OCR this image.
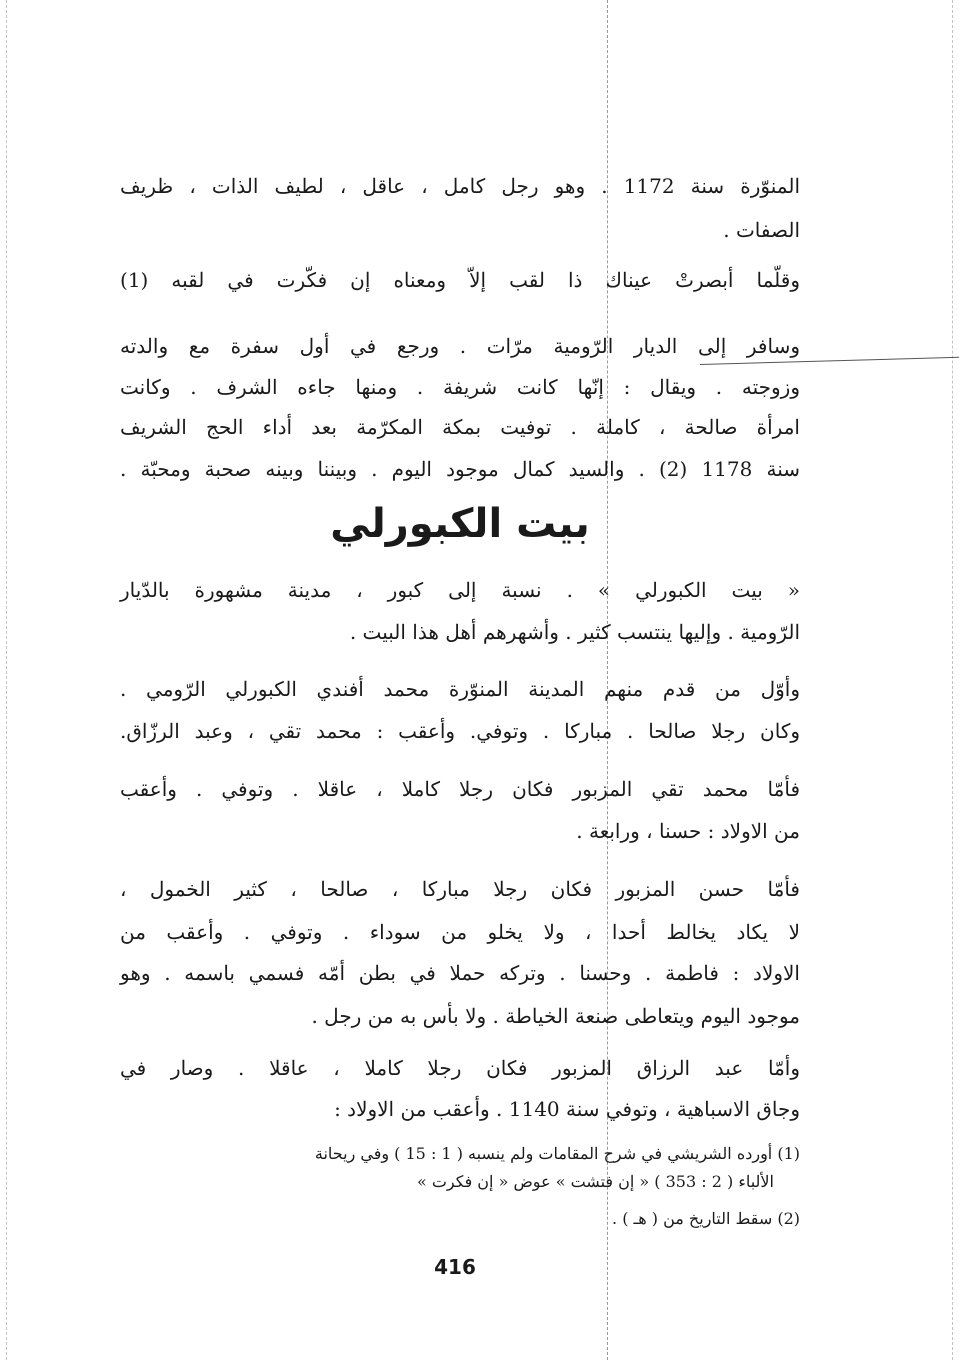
المنوّرة سنة 1172 . وهو رجل كامل ، عاقل ، لطيف الذات ، ظريف
الصفات .
وقلّما أبصرتْ عيناك ذا لقب إلاّ ومعناه إن فكّرت في لقبه (1)
وسافر إلى الديار الرّومية مرّات . ورجع في أول سفرة مع والدته
وزوجته . ويقال : إنّها كانت شريفة . ومنها جاءه الشرف . وكانت
امرأة صالحة ، كاملة . توفيت بمكة المكرّمة بعد أداء الحج الشريف
سنة 1178 (2) . والسيد كمال موجود اليوم . وبيننا وبينه صحبة ومحبّة .
بيت الكبورلي
« بيت الكبورلي » . نسبة إلى كبور ، مدينة مشهورة بالدّيار
الرّومية . وإليها ينتسب كثير . وأشهرهم أهل هذا البيت .
وأوّل من قدم منهم المدينة المنوّرة محمد أفندي الكبورلي الرّومي .
وكان رجلا صالحا . مباركا . وتوفي. وأعقب : محمد تقي ، وعبد الرزّاق.
فأمّا محمد تقي المزبور فكان رجلا كاملا ، عاقلا . وتوفي . وأعقب
من الاولاد : حسنا ، ورابعة .
فأمّا حسن المزبور فكان رجلا مباركا ، صالحا ، كثير الخمول ،
لا يكاد يخالط أحدا ، ولا يخلو من سوداء . وتوفي . وأعقب من
الاولاد : فاطمة . وحسنا . وتركه حملا في بطن أمّه فسمي باسمه . وهو
موجود اليوم ويتعاطى صنعة الخياطة . ولا بأس به من رجل .
وأمّا عبد الرزاق المزبور فكان رجلا كاملا ، عاقلا . وصار في
وجاق الاسباهية ، وتوفي سنة 1140 . وأعقب من الاولاد :
(1) أورده الشريشي في شرح المقامات ولم ينسبه ( 1 : 15 ) وفي ريحانة
الألباء ( 2 : 353 ) « إن فتشت » عوض « إن فكرت »
(2) سقط التاريخ من ( هـ ) .
416
